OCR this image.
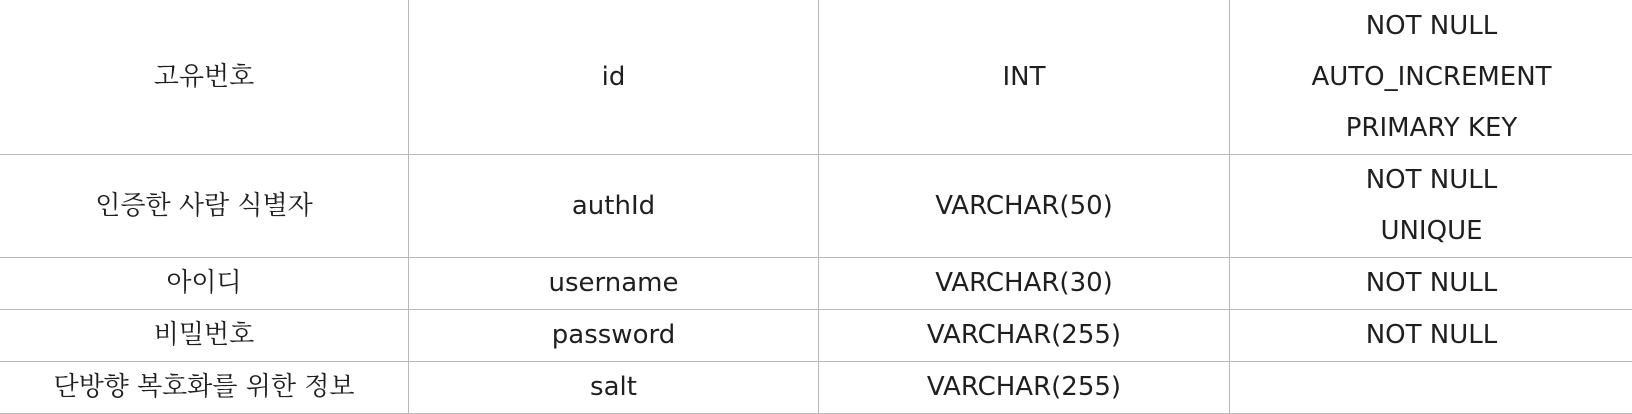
고유번호	id	INT	NOT NULL
AUTO_INCREMENT
PRIMARY KEY

인증한 사람 식별자	authId	VARCHAR(50)	NOT NULL
UNIQUE

아이디	username	VARCHAR(30)	NOT NULL

비밀번호	password	VARCHAR(255)	NOT NULL

단방향 복호화를 위한 정보	salt	VARCHAR(255)	
